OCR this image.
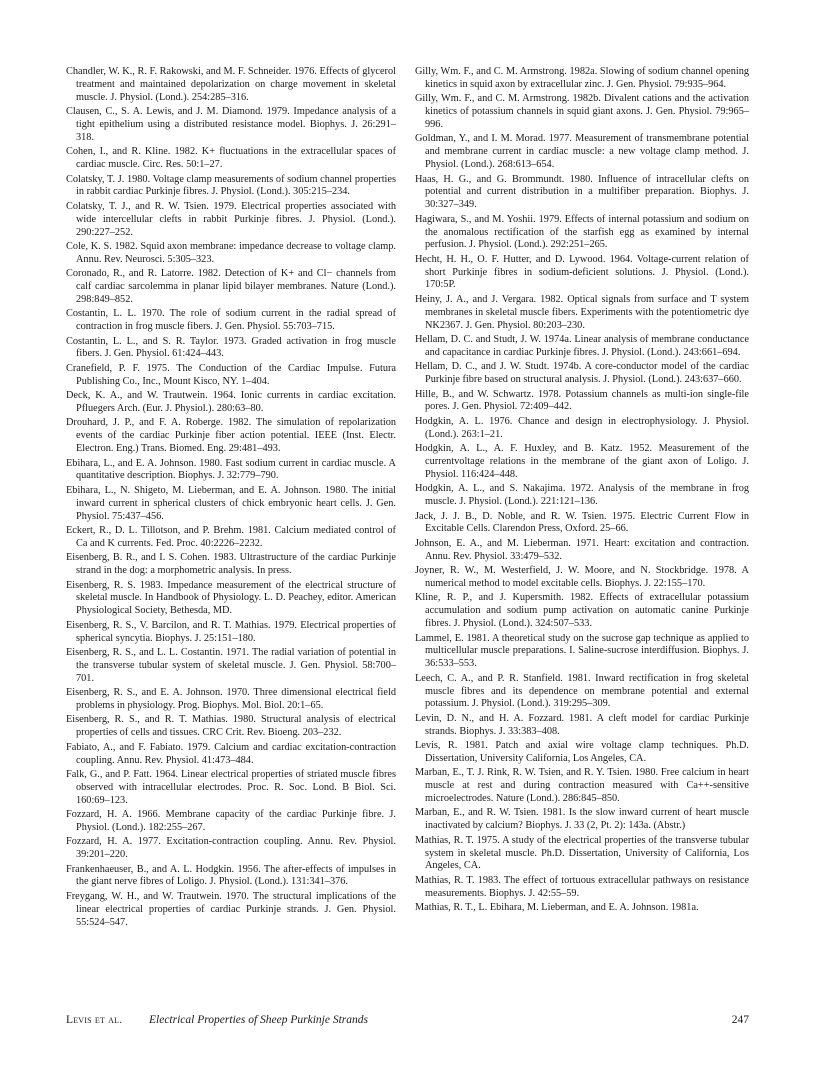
Chandler, W. K., R. F. Rakowski, and M. F. Schneider. 1976. Effects of glycerol treatment and maintained depolarization on charge movement in skeletal muscle. J. Physiol. (Lond.). 254:285–316.

Clausen, C., S. A. Lewis, and J. M. Diamond. 1979. Impedance analysis of a tight epithelium using a distributed resistance model. Biophys. J. 26:291–318.

Cohen, I., and R. Kline. 1982. K+ fluctuations in the extracellular spaces of cardiac muscle. Circ. Res. 50:1–27.

Colatsky, T. J. 1980. Voltage clamp measurements of sodium channel properties in rabbit cardiac Purkinje fibres. J. Physiol. (Lond.). 305:215–234.

Colatsky, T. J., and R. W. Tsien. 1979. Electrical properties associated with wide intercellular clefts in rabbit Purkinje fibres. J. Physiol. (Lond.). 290:227–252.

Cole, K. S. 1982. Squid axon membrane: impedance decrease to voltage clamp. Annu. Rev. Neurosci. 5:305–323.

Coronado, R., and R. Latorre. 1982. Detection of K+ and Cl− channels from calf cardiac sarcolemma in planar lipid bilayer membranes. Nature (Lond.). 298:849–852.

Costantin, L. L. 1970. The role of sodium current in the radial spread of contraction in frog muscle fibers. J. Gen. Physiol. 55:703–715.

Costantin, L. L., and S. R. Taylor. 1973. Graded activation in frog muscle fibers. J. Gen. Physiol. 61:424–443.

Cranefield, P. F. 1975. The Conduction of the Cardiac Impulse. Futura Publishing Co., Inc., Mount Kisco, NY. 1–404.

Deck, K. A., and W. Trautwein. 1964. Ionic currents in cardiac excitation. Pfluegers Arch. (Eur. J. Physiol.). 280:63–80.

Drouhard, J. P., and F. A. Roberge. 1982. The simulation of repolarization events of the cardiac Purkinje fiber action potential. IEEE (Inst. Electr. Electron. Eng.) Trans. Biomed. Eng. 29:481–493.

Ebihara, L., and E. A. Johnson. 1980. Fast sodium current in cardiac muscle. A quantitative description. Biophys. J. 32:779–790.

Ebihara, L., N. Shigeto, M. Lieberman, and E. A. Johnson. 1980. The initial inward current in spherical clusters of chick embryonic heart cells. J. Gen. Physiol. 75:437–456.

Eckert, R., D. L. Tillotson, and P. Brehm. 1981. Calcium mediated control of Ca and K currents. Fed. Proc. 40:2226–2232.

Eisenberg, B. R., and I. S. Cohen. 1983. Ultrastructure of the cardiac Purkinje strand in the dog: a morphometric analysis. In press.

Eisenberg, R. S. 1983. Impedance measurement of the electrical structure of skeletal muscle. In Handbook of Physiology. L. D. Peachey, editor. American Physiological Society, Bethesda, MD.

Eisenberg, R. S., V. Barcilon, and R. T. Mathias. 1979. Electrical properties of spherical syncytia. Biophys. J. 25:151–180.

Eisenberg, R. S., and L. L. Costantin. 1971. The radial variation of potential in the transverse tubular system of skeletal muscle. J. Gen. Physiol. 58:700–701.

Eisenberg, R. S., and E. A. Johnson. 1970. Three dimensional electrical field problems in physiology. Prog. Biophys. Mol. Biol. 20:1–65.

Eisenberg, R. S., and R. T. Mathias. 1980. Structural analysis of electrical properties of cells and tissues. CRC Crit. Rev. Bioeng. 203–232.

Fabiato, A., and F. Fabiato. 1979. Calcium and cardiac excitation-contraction coupling. Annu. Rev. Physiol. 41:473–484.

Falk, G., and P. Fatt. 1964. Linear electrical properties of striated muscle fibres observed with intracellular electrodes. Proc. R. Soc. Lond. B Biol. Sci. 160:69–123.

Fozzard, H. A. 1966. Membrane capacity of the cardiac Purkinje fibre. J. Physiol. (Lond.). 182:255–267.

Fozzard, H. A. 1977. Excitation-contraction coupling. Annu. Rev. Physiol. 39:201–220.

Frankenhaeuser, B., and A. L. Hodgkin. 1956. The after-effects of impulses in the giant nerve fibres of Loligo. J. Physiol. (Lond.). 131:341–376.

Freygang, W. H., and W. Trautwein. 1970. The structural implications of the linear electrical properties of cardiac Purkinje strands. J. Gen. Physiol. 55:524–547.

Gilly, Wm. F., and C. M. Armstrong. 1982a. Slowing of sodium channel opening kinetics in squid axon by extracellular zinc. J. Gen. Physiol. 79:935–964.

Gilly, Wm. F., and C. M. Armstrong. 1982b. Divalent cations and the activation kinetics of potassium channels in squid giant axons. J. Gen. Physiol. 79:965–996.

Goldman, Y., and I. M. Morad. 1977. Measurement of transmembrane potential and membrane current in cardiac muscle: a new voltage clamp method. J. Physiol. (Lond.). 268:613–654.

Haas, H. G., and G. Brommundt. 1980. Influence of intracellular clefts on potential and current distribution in a multifiber preparation. Biophys. J. 30:327–349.

Hagiwara, S., and M. Yoshii. 1979. Effects of internal potassium and sodium on the anomalous rectification of the starfish egg as examined by internal perfusion. J. Physiol. (Lond.). 292:251–265.

Hecht, H. H., O. F. Hutter, and D. Lywood. 1964. Voltage-current relation of short Purkinje fibres in sodium-deficient solutions. J. Physiol. (Lond.). 170:5P.

Heiny, J. A., and J. Vergara. 1982. Optical signals from surface and T system membranes in skeletal muscle fibers. Experiments with the potentiometric dye NK2367. J. Gen. Physiol. 80:203–230.

Hellam, D. C. and Studt, J. W. 1974a. Linear analysis of membrane conductance and capacitance in cardiac Purkinje fibres. J. Physiol. (Lond.). 243:661–694.

Hellam, D. C., and J. W. Studt. 1974b. A core-conductor model of the cardiac Purkinje fibre based on structural analysis. J. Physiol. (Lond.). 243:637–660.

Hille, B., and W. Schwartz. 1978. Potassium channels as multi-ion single-file pores. J. Gen. Physiol. 72:409–442.

Hodgkin, A. L. 1976. Chance and design in electrophysiology. J. Physiol. (Lond.). 263:1–21.

Hodgkin, A. L., A. F. Huxley, and B. Katz. 1952. Measurement of the currentvoltage relations in the membrane of the giant axon of Loligo. J. Physiol. 116:424–448.

Hodgkin, A. L., and S. Nakajima. 1972. Analysis of the membrane in frog muscle. J. Physiol. (Lond.). 221:121–136.

Jack, J. J. B., D. Noble, and R. W. Tsien. 1975. Electric Current Flow in Excitable Cells. Clarendon Press, Oxford. 25–66.

Johnson, E. A., and M. Lieberman. 1971. Heart: excitation and contraction. Annu. Rev. Physiol. 33:479–532.

Joyner, R. W., M. Westerfield, J. W. Moore, and N. Stockbridge. 1978. A numerical method to model excitable cells. Biophys. J. 22:155–170.

Kline, R. P., and J. Kupersmith. 1982. Effects of extracellular potassium accumulation and sodium pump activation on automatic canine Purkinje fibres. J. Physiol. (Lond.). 324:507–533.

Lammel, E. 1981. A theoretical study on the sucrose gap technique as applied to multicellular muscle preparations. I. Saline-sucrose interdiffusion. Biophys. J. 36:533–553.

Leech, C. A., and P. R. Stanfield. 1981. Inward rectification in frog skeletal muscle fibres and its dependence on membrane potential and external potassium. J. Physiol. (Lond.). 319:295–309.

Levin, D. N., and H. A. Fozzard. 1981. A cleft model for cardiac Purkinje strands. Biophys. J. 33:383–408.

Levis, R. 1981. Patch and axial wire voltage clamp techniques. Ph.D. Dissertation, University California, Los Angeles, CA.

Marban, E., T. J. Rink, R. W. Tsien, and R. Y. Tsien. 1980. Free calcium in heart muscle at rest and during contraction measured with Ca++-sensitive microelectrodes. Nature (Lond.). 286:845–850.

Marban, E., and R. W. Tsien. 1981. Is the slow inward current of heart muscle inactivated by calcium? Biophys. J. 33 (2, Pt. 2): 143a. (Abstr.)

Mathias, R. T. 1975. A study of the electrical properties of the transverse tubular system in skeletal muscle. Ph.D. Dissertation, University of California, Los Angeles, CA.

Mathias, R. T. 1983. The effect of tortuous extracellular pathways on resistance measurements. Biophys. J. 42:55–59.

Mathias, R. T., L. Ebihara, M. Lieberman, and E. A. Johnson. 1981a.

Levis et al. Electrical Properties of Sheep Purkinje Strands	247
